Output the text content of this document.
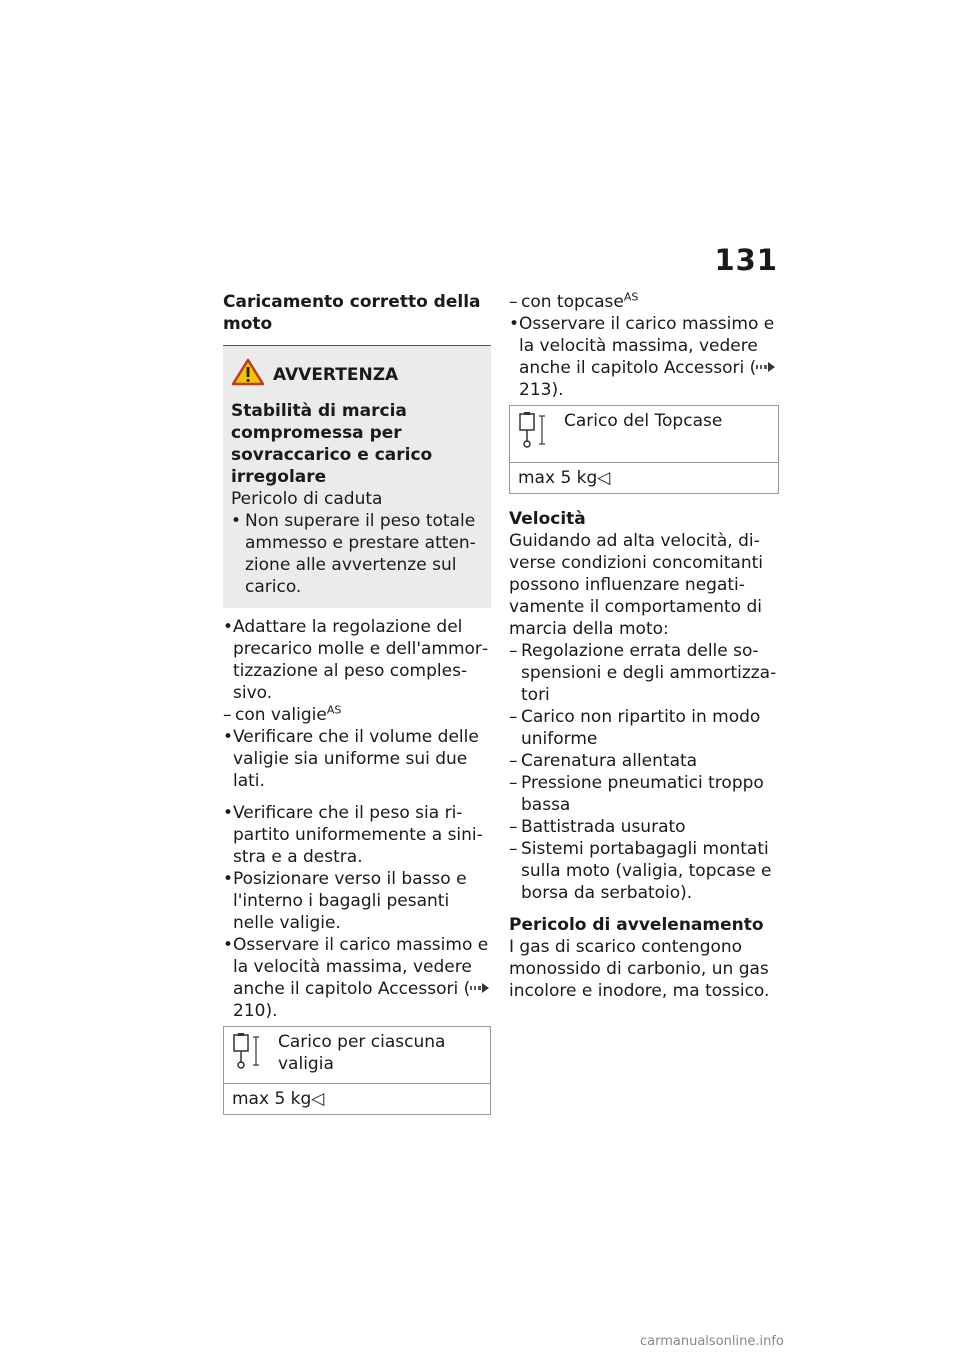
131

Caricamento corretto della moto

AVVERTENZA

Stabilità di marcia compromessa per sovraccarico e carico irregolare

Pericolo di caduta

• Non superare il peso totale ammesso e prestare attenzione alle avvertenze sul carico.
• Adattare la regolazione del precarico molle e dell'ammortizzazione al peso complessivo.
– con valigie$^{AS}$
• Verificare che il volume delle valigie sia uniforme sui due lati.
• Verificare che il peso sia ripartito uniformemente a sinistra e a destra.
• Posizionare verso il basso e l'interno i bagagli pesanti nelle valigie.
• Osservare il carico massimo e la velocità massima, vedere anche il capitolo Accessori ( 210).
Carico per ciascuna valigia
max 5 kg◁
– con topcase$^{AS}$
• Osservare il carico massimo e la velocità massima, vedere anche il capitolo Accessori ( 213).
Carico del Topcase
max 5 kg◁

Velocità

Guidando ad alta velocità, diverse condizioni concomitanti possono influenzare negativamente il comportamento di marcia della moto:

– Regolazione errata delle sospensioni e degli ammortizzatori
– Carico non ripartito in modo uniforme
– Carenatura allentata
– Pressione pneumatici troppo bassa
– Battistrada usurato
– Sistemi portabagagli montati sulla moto (valigia, topcase e borsa da serbatoio).

Pericolo di avvelenamento

I gas di scarico contengono monossido di carbonio, un gas incolore e inodore, ma tossico.

carmanualsonline.info
